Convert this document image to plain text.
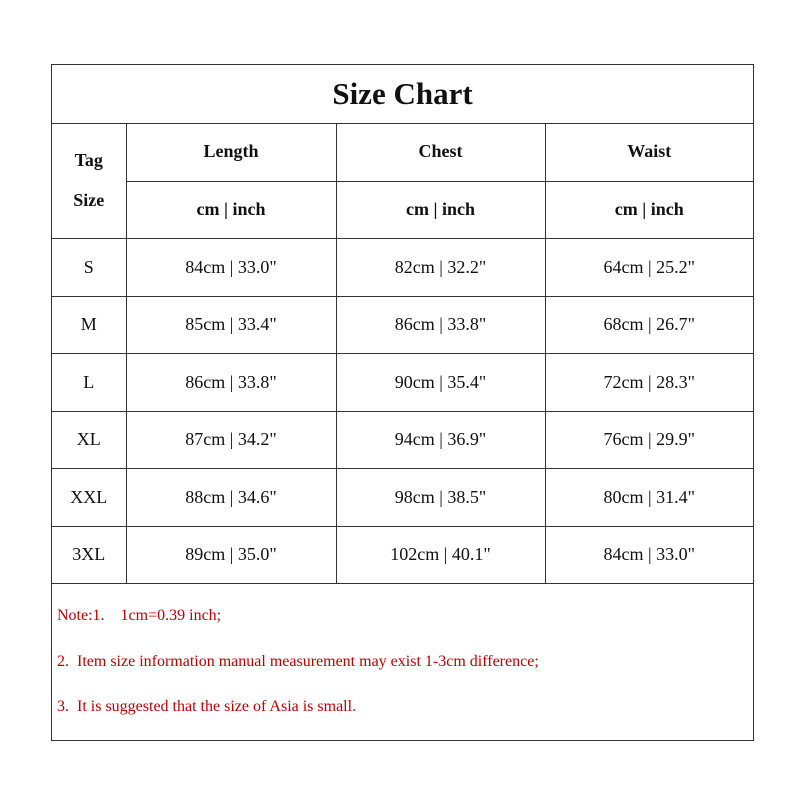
Size Chart
Tag
Size	Length	Chest	Waist
	cm | inch	cm | inch	cm | inch
S	84cm | 33.0"	82cm | 32.2"	64cm | 25.2"
M	85cm | 33.4"	86cm | 33.8"	68cm | 26.7"
L	86cm | 33.8"	90cm | 35.4"	72cm | 28.3"
XL	87cm | 34.2"	94cm | 36.9"	76cm | 29.9"
XXL	88cm | 34.6"	98cm | 38.5"	80cm | 31.4"
3XL	89cm | 35.0"	102cm | 40.1"	84cm | 33.0"
Note:1.    1cm=0.39 inch;
2.  Item size information manual measurement may exist 1-3cm difference;
3.  It is suggested that the size of Asia is small.
